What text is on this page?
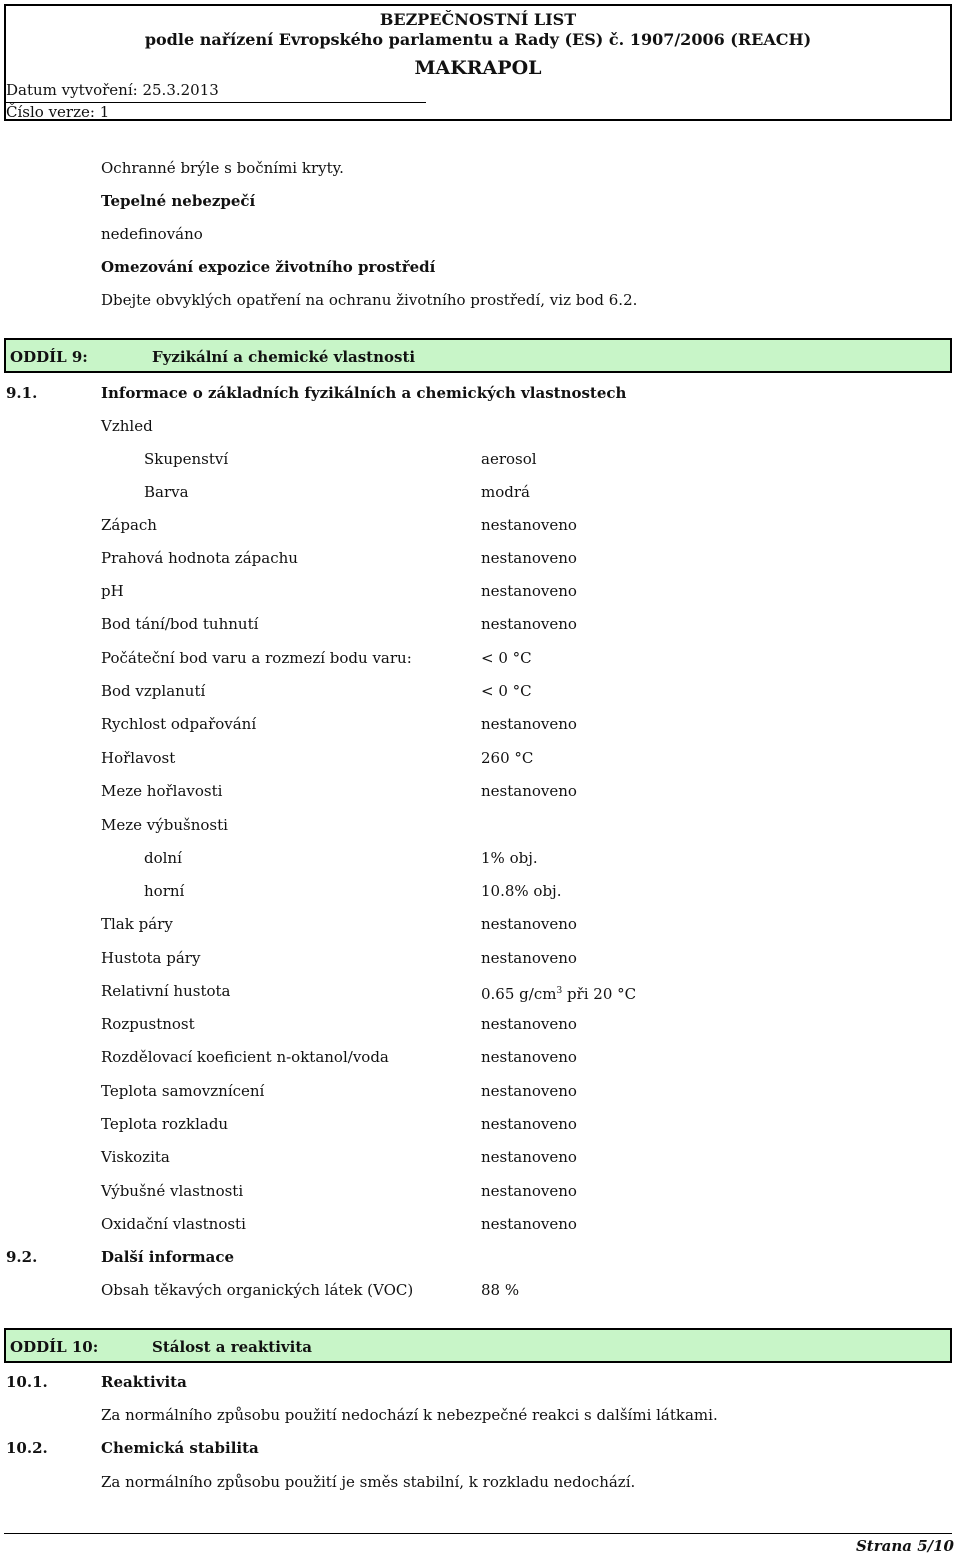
BEZPEČNOSTNÍ LIST
podle nařízení Evropského parlamentu a Rady (ES) č. 1907/2006 (REACH)
MAKRAPOL
Datum vytvoření: 25.3.2013
Číslo verze: 1
Ochranné brýle s bočními kryty.
Tepelné nebezpečí
nedefinováno
Omezování expozice životního prostředí
Dbejte obvyklých opatření na ochranu životního prostředí, viz bod 6.2.
ODDÍL 9:	Fyzikální a chemické vlastnosti
9.1.	Informace o základních fyzikálních a chemických vlastnostech
Vzhled
Skupenství	aerosol
Barva	modrá
Zápach	nestanoveno
Prahová hodnota zápachu	nestanoveno
pH	nestanoveno
Bod tání/bod tuhnutí	nestanoveno
Počáteční bod varu a rozmezí bodu varu:	< 0 °C
Bod vzplanutí	< 0 °C
Rychlost odpařování	nestanoveno
Hořlavost	260 °C
Meze hořlavosti	nestanoveno
Meze výbušnosti
dolní	1% obj.
horní	10.8% obj.
Tlak páry	nestanoveno
Hustota páry	nestanoveno
Relativní hustota	0.65 $g/cm^3$ při 20 °C
Rozpustnost	nestanoveno
Rozdělovací koeficient n-oktanol/voda	nestanoveno
Teplota samovznícení	nestanoveno
Teplota rozkladu	nestanoveno
Viskozita	nestanoveno
Výbušné vlastnosti	nestanoveno
Oxidační vlastnosti	nestanoveno
9.2.	Další informace
Obsah těkavých organických látek (VOC)	88 %
ODDÍL 10:	Stálost a reaktivita
10.1.	Reaktivita
Za normálního způsobu použití nedochází k nebezpečné reakci s dalšími látkami.
10.2.	Chemická stabilita
Za normálního způsobu použití je směs stabilní, k rozkladu nedochází.
Strana 5/10
